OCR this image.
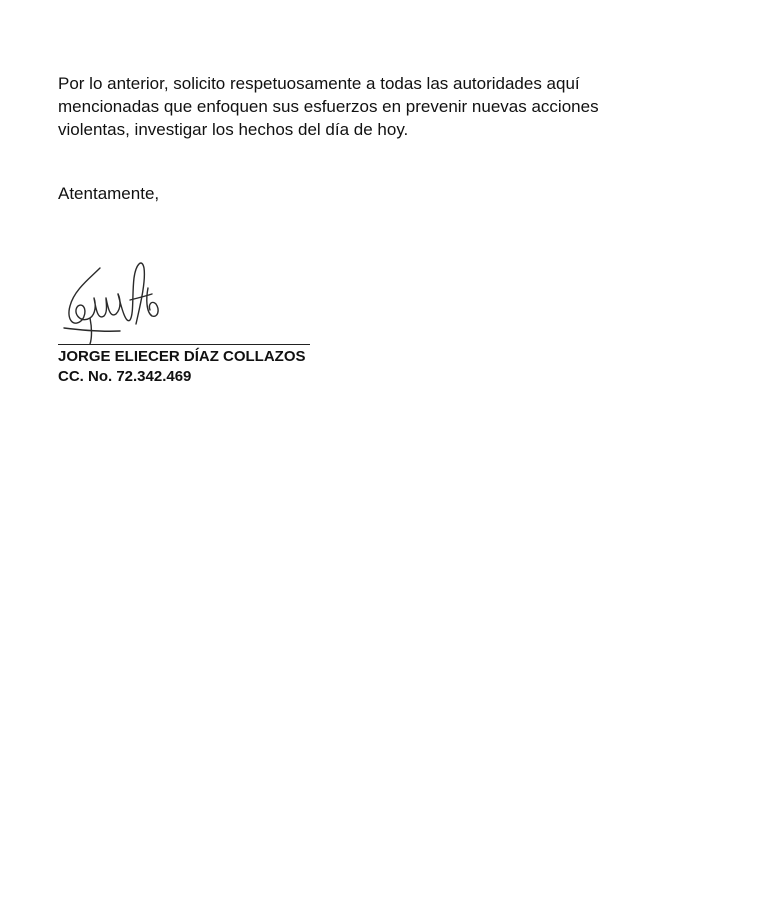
Por lo anterior, solicito respetuosamente a todas las autoridades aquí
mencionadas que enfoquen sus esfuerzos en prevenir nuevas acciones
violentas, investigar los hechos del día de hoy.

Atentamente,

JORGE ELIECER DÍAZ COLLAZOS

CC. No. 72.342.469
